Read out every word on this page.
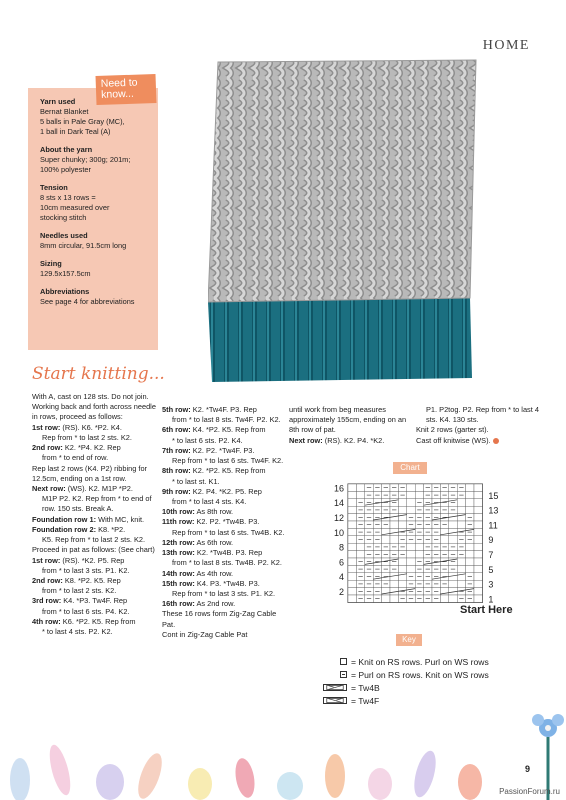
HOME
Yarn used
Bernat Blanket
5 balls in Pale Gray (MC),
1 ball in Dark Teal (A)
About the yarn
Super chunky; 300g; 201m;
100% polyester
Tension
8 sts x 13 rows =
10cm measured over
stocking stitch
Needles used
8mm circular, 91.5cm long
Sizing
129.5x157.5cm
Abbreviations
See page 4 for abbreviations
Need to know...
Start knitting...

With A, cast on 128 sts. Do not join. Working back and forth across needle in rows, proceed as follows:

1st row: (RS). K6. *P2. K4.

Rep from * to last 2 sts. K2.

2nd row: K2. *P4. K2. Rep

from * to end of row.

Rep last 2 rows (K4. P2) ribbing for 12.5cm, ending on a 1st row.

Next row: (WS). K2. M1P *P2.

M1P P2. K2. Rep from * to end of row. 150 sts. Break A.

Foundation row 1: With MC, knit.

Foundation row 2: K8. *P2.

K5. Rep from * to last 2 sts. K2.

Proceed in pat as follows: (See chart)

1st row: (RS). *K2. P5. Rep

from * to last 3 sts. P1. K2.

2nd row: K8. *P2. K5. Rep

from * to last 2 sts. K2.

3rd row: K4. *P3. Tw4F. Rep

from * to last 6 sts. P4. K2.

4th row: K6. *P2. K5. Rep from

* to last 4 sts. P2. K2.

5th row: K2. *Tw4F. P3. Rep

from * to last 8 sts. Tw4F. P2. K2.

6th row: K4. *P2. K5. Rep from

* to last 6 sts. P2. K4.

7th row: K2. P2. *Tw4F. P3.

Rep from * to last 6 sts. Tw4F. K2.

8th row: K2. *P2. K5. Rep from

* to last st. K1.

9th row: K2. P4. *K2. P5. Rep

from * to last 4 sts. K4.

10th row: As 8th row.

11th row: K2. P2. *Tw4B. P3.

Rep from * to last 6 sts. Tw4B. K2.

12th row: As 6th row.

13th row: K2. *Tw4B. P3. Rep

from * to last 8 sts. Tw4B. P2. K2.

14th row: As 4th row.

15th row: K4. P3. *Tw4B. P3.

Rep from * to last 3 sts. P1. K2.

16th row: As 2nd row.

These 16 rows form Zig-Zag Cable Pat.

Cont in Zig-Zag Cable Pat

until work from beg measures approximately 155cm, ending on an 8th row of pat.

Next row: (RS). K2. P4. *K2.

P1. P2tog. P2. Rep from * to last 4 sts. K4. 130 sts.

Knit 2 rows (garter st).

Cast off knitwise (WS).

Chart
16
14
12
10
8
6
4
2
15
13
11
9
7
5
3
1
Start Here
Key
= Knit on RS rows. Purl on WS rows
= Purl on RS rows. Knit on WS rows
= Tw4B
= Tw4F
9
PassionForum.ru
